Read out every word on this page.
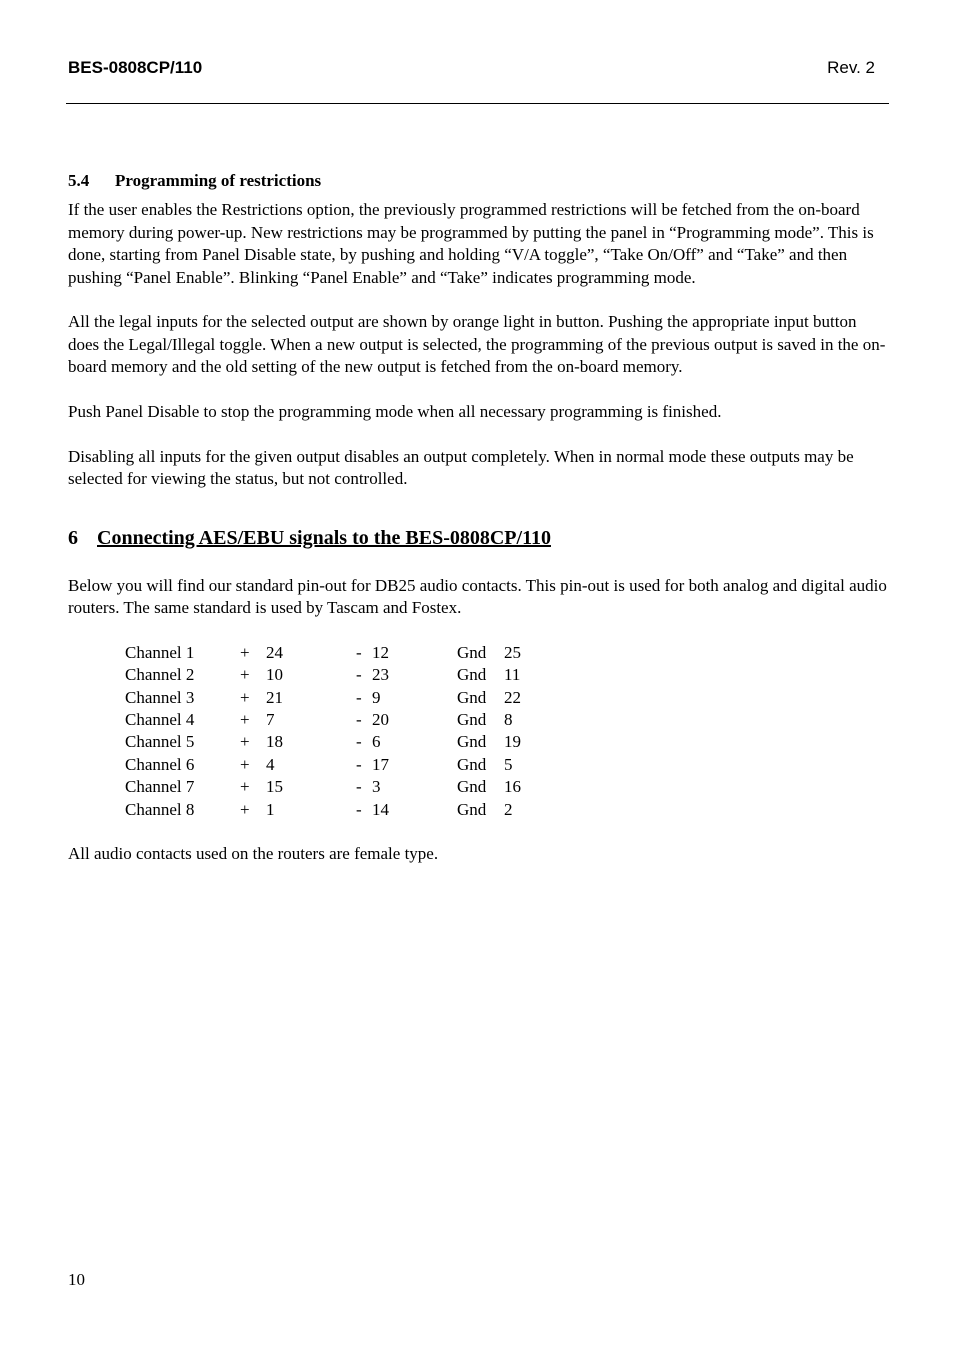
BES-0808CP/110	Rev. 2
5.4 Programming of restrictions

If the user enables the Restrictions option, the previously programmed restrictions will be fetched from the on-board memory during power-up. New restrictions may be programmed by putting the panel in “Programming mode”. This is done, starting from Panel Disable state, by pushing and holding “V/A toggle”, “Take On/Off” and “Take” and then pushing “Panel Enable”. Blinking “Panel Enable” and “Take” indicates programming mode.

All the legal inputs for the selected output are shown by orange light in button. Pushing the appropriate input button does the Legal/Illegal toggle. When a new output is selected, the programming of the previous output is saved in the on-board memory and the old setting of the new output is fetched from the on-board memory.

Push Panel Disable to stop the programming mode when all necessary programming is finished.

Disabling all inputs for the given output disables an output completely. When in normal mode these outputs may be selected for viewing the status, but not controlled.

6 Connecting AES/EBU signals to the BES-0808CP/110

Below you will find our standard pin-out for DB25 audio contacts. This pin-out is used for both analog and digital audio routers. The same standard is used by Tascam and Fostex.

Channel 1	+	24	-	12	Gnd	25
Channel 2	+	10	-	23	Gnd	11
Channel 3	+	21	-	9	Gnd	22
Channel 4	+	7	-	20	Gnd	8
Channel 5	+	18	-	6	Gnd	19
Channel 6	+	4	-	17	Gnd	5
Channel 7	+	15	-	3	Gnd	16
Channel 8	+	1	-	14	Gnd	2

All audio contacts used on the routers are female type.

10
